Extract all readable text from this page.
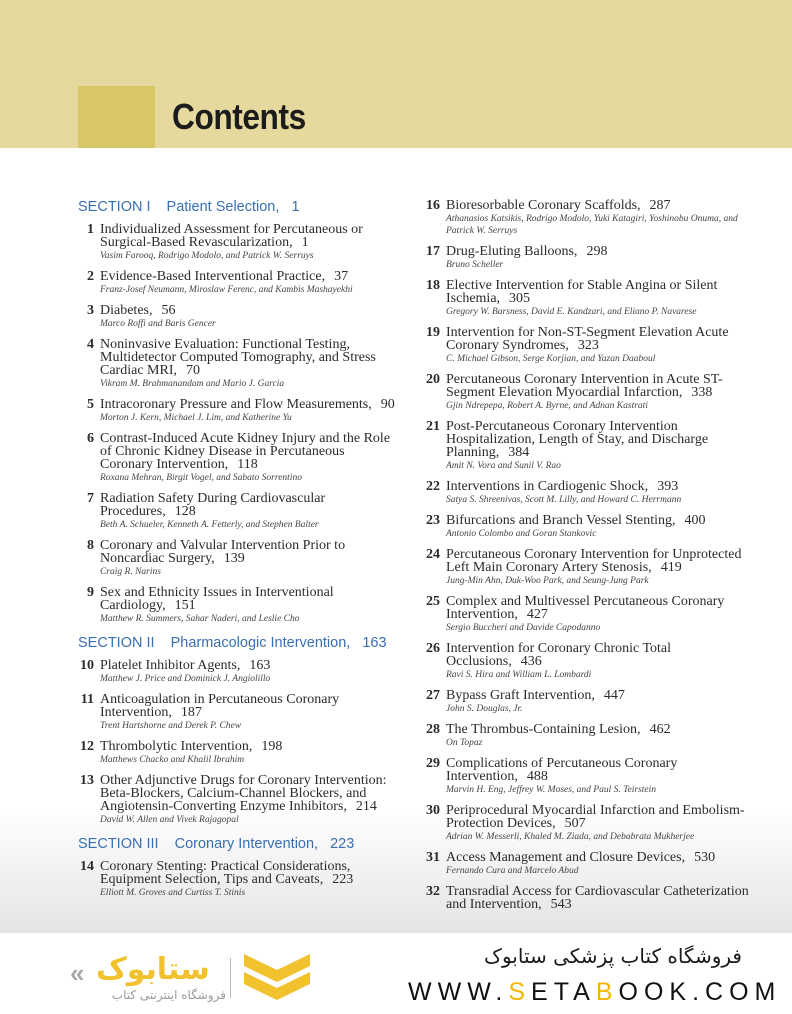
Contents
SECTION I Patient Selection, 1
1 Individualized Assessment for Percutaneous or Surgical-Based Revascularization, 1
Vasim Farooq, Rodrigo Modolo, and Patrick W. Serruys
2 Evidence-Based Interventional Practice, 37
Franz-Josef Neumann, Miroslaw Ferenc, and Kambis Mashayekhi
3 Diabetes, 56
Marco Roffi and Baris Gencer
4 Noninvasive Evaluation: Functional Testing, Multidetector Computed Tomography, and Stress Cardiac MRI, 70
Vikram M. Brahmanandam and Mario J. Garcia
5 Intracoronary Pressure and Flow Measurements, 90
Morton J. Kern, Michael J. Lim, and Katherine Yu
6 Contrast-Induced Acute Kidney Injury and the Role of Chronic Kidney Disease in Percutaneous Coronary Intervention, 118
Roxana Mehran, Birgit Vogel, and Sabato Sorrentino
7 Radiation Safety During Cardiovascular Procedures, 128
Beth A. Schueler, Kenneth A. Fetterly, and Stephen Balter
8 Coronary and Valvular Intervention Prior to Noncardiac Surgery, 139
Craig R. Narins
9 Sex and Ethnicity Issues in Interventional Cardiology, 151
Matthew R. Summers, Sahar Naderi, and Leslie Cho
SECTION II Pharmacologic Intervention, 163
10 Platelet Inhibitor Agents, 163
Matthew J. Price and Dominick J. Angiolillo
11 Anticoagulation in Percutaneous Coronary Intervention, 187
Trent Hartshorne and Derek P. Chew
12 Thrombolytic Intervention, 198
Matthews Chacko and Khalil Ibrahim
13 Other Adjunctive Drugs for Coronary Intervention: Beta-Blockers, Calcium-Channel Blockers, and Angiotensin-Converting Enzyme Inhibitors, 214
David W. Allen and Vivek Rajagopal
SECTION III Coronary Intervention, 223
14 Coronary Stenting: Practical Considerations, Equipment Selection, Tips and Caveats, 223
Elliott M. Groves and Curtiss T. Stinis
16 Bioresorbable Coronary Scaffolds, 287
Athanasios Katsikis, Rodrigo Modolo, Yuki Katagiri, Yoshinobu Onuma, and Patrick W. Serruys
17 Drug-Eluting Balloons, 298
Bruno Scheller
18 Elective Intervention for Stable Angina or Silent Ischemia, 305
Gregory W. Barsness, David E. Kandzari, and Eliano P. Navarese
19 Intervention for Non-ST-Segment Elevation Acute Coronary Syndromes, 323
C. Michael Gibson, Serge Korjian, and Yazan Daaboul
20 Percutaneous Coronary Intervention in Acute ST-Segment Elevation Myocardial Infarction, 338
Gjin Ndrepepa, Robert A. Byrne, and Adnan Kastrati
21 Post-Percutaneous Coronary Intervention Hospitalization, Length of Stay, and Discharge Planning, 384
Amit N. Vora and Sunil V. Rao
22 Interventions in Cardiogenic Shock, 393
Satya S. Shreenivas, Scott M. Lilly, and Howard C. Herrmann
23 Bifurcations and Branch Vessel Stenting, 400
Antonio Colombo and Goran Stankovic
24 Percutaneous Coronary Intervention for Unprotected Left Main Coronary Artery Stenosis, 419
Jung-Min Ahn, Duk-Woo Park, and Seung-Jung Park
25 Complex and Multivessel Percutaneous Coronary Intervention, 427
Sergio Buccheri and Davide Capodanno
26 Intervention for Coronary Chronic Total Occlusions, 436
Ravi S. Hira and William L. Lombardi
27 Bypass Graft Intervention, 447
John S. Douglas, Jr.
28 The Thrombus-Containing Lesion, 462
On Topaz
29 Complications of Percutaneous Coronary Intervention, 488
Marvin H. Eng, Jeffrey W. Moses, and Paul S. Teirstein
30 Periprocedural Myocardial Infarction and Embolism-Protection Devices, 507
Adrian W. Messerli, Khaled M. Ziada, and Debabrata Mukherjee
31 Access Management and Closure Devices, 530
Fernando Cura and Marcelo Abud
32 Transradial Access for Cardiovascular Catheterization and Intervention, 543
« ستابوک
فروشگاه اینترنتی کتاب
فروشگاه کتاب پزشکی ستابوک
WWW.SETABOOK.COM
